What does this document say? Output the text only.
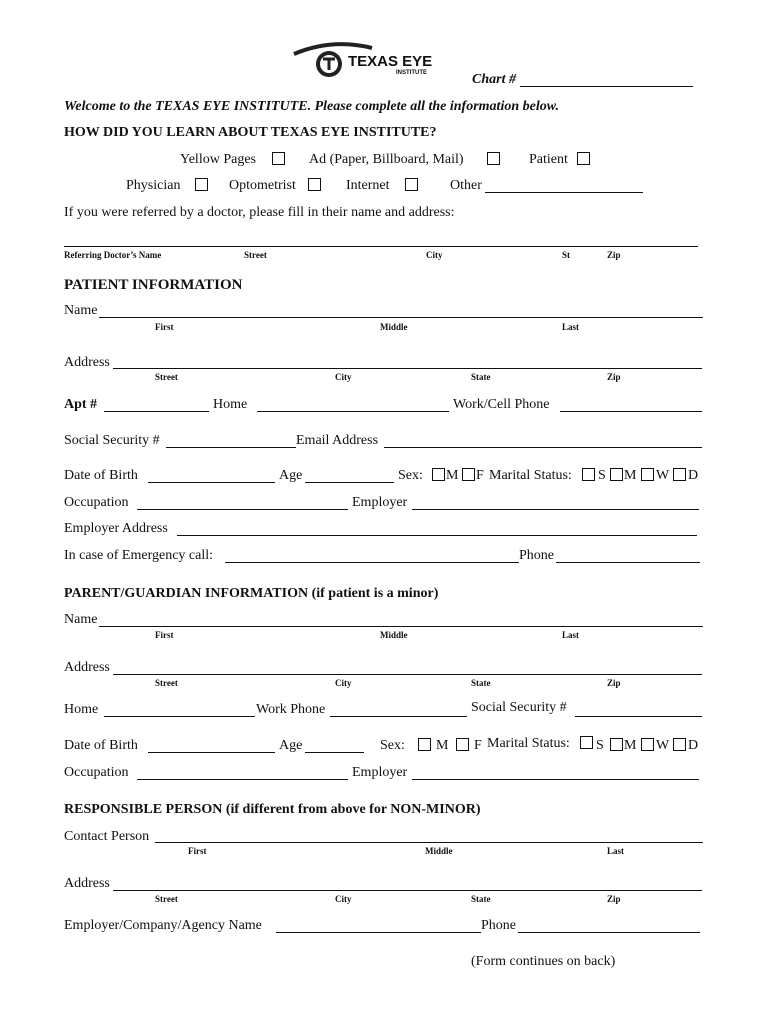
TEXAS EYE
INSTITUTE	Chart #
Welcome to the TEXAS EYE INSTITUTE. Please complete all the information below.
HOW DID YOU LEARN ABOUT TEXAS EYE INSTITUTE?
Yellow Pages	Ad (Paper, Billboard, Mail)	Patient
Physician	Optometrist	Internet	Other
If you were referred by a doctor, please fill in their name and address:
Referring Doctor’s Name	Street	City	St	Zip
PATIENT INFORMATION
Name
First	Middle	Last
Address
Street	City	State	Zip
Apt #	Home	Work/Cell Phone
Social Security #	Email Address
Date of Birth	Age	Sex: M F Marital Status: S M W D
Occupation	Employer
Employer Address
In case of Emergency call:	Phone
PARENT/GUARDIAN INFORMATION (if patient is a minor)
Name
First	Middle	Last
Address
Street	City	State	Zip
Home	Work Phone	Social Security #
Date of Birth	Age	Sex: M F Marital Status: S M W D
Occupation	Employer
RESPONSIBLE PERSON (if different from above for NON-MINOR)
Contact Person
First	Middle	Last
Address
Street	City	State	Zip
Employer/Company/Agency Name	Phone
(Form continues on back)
